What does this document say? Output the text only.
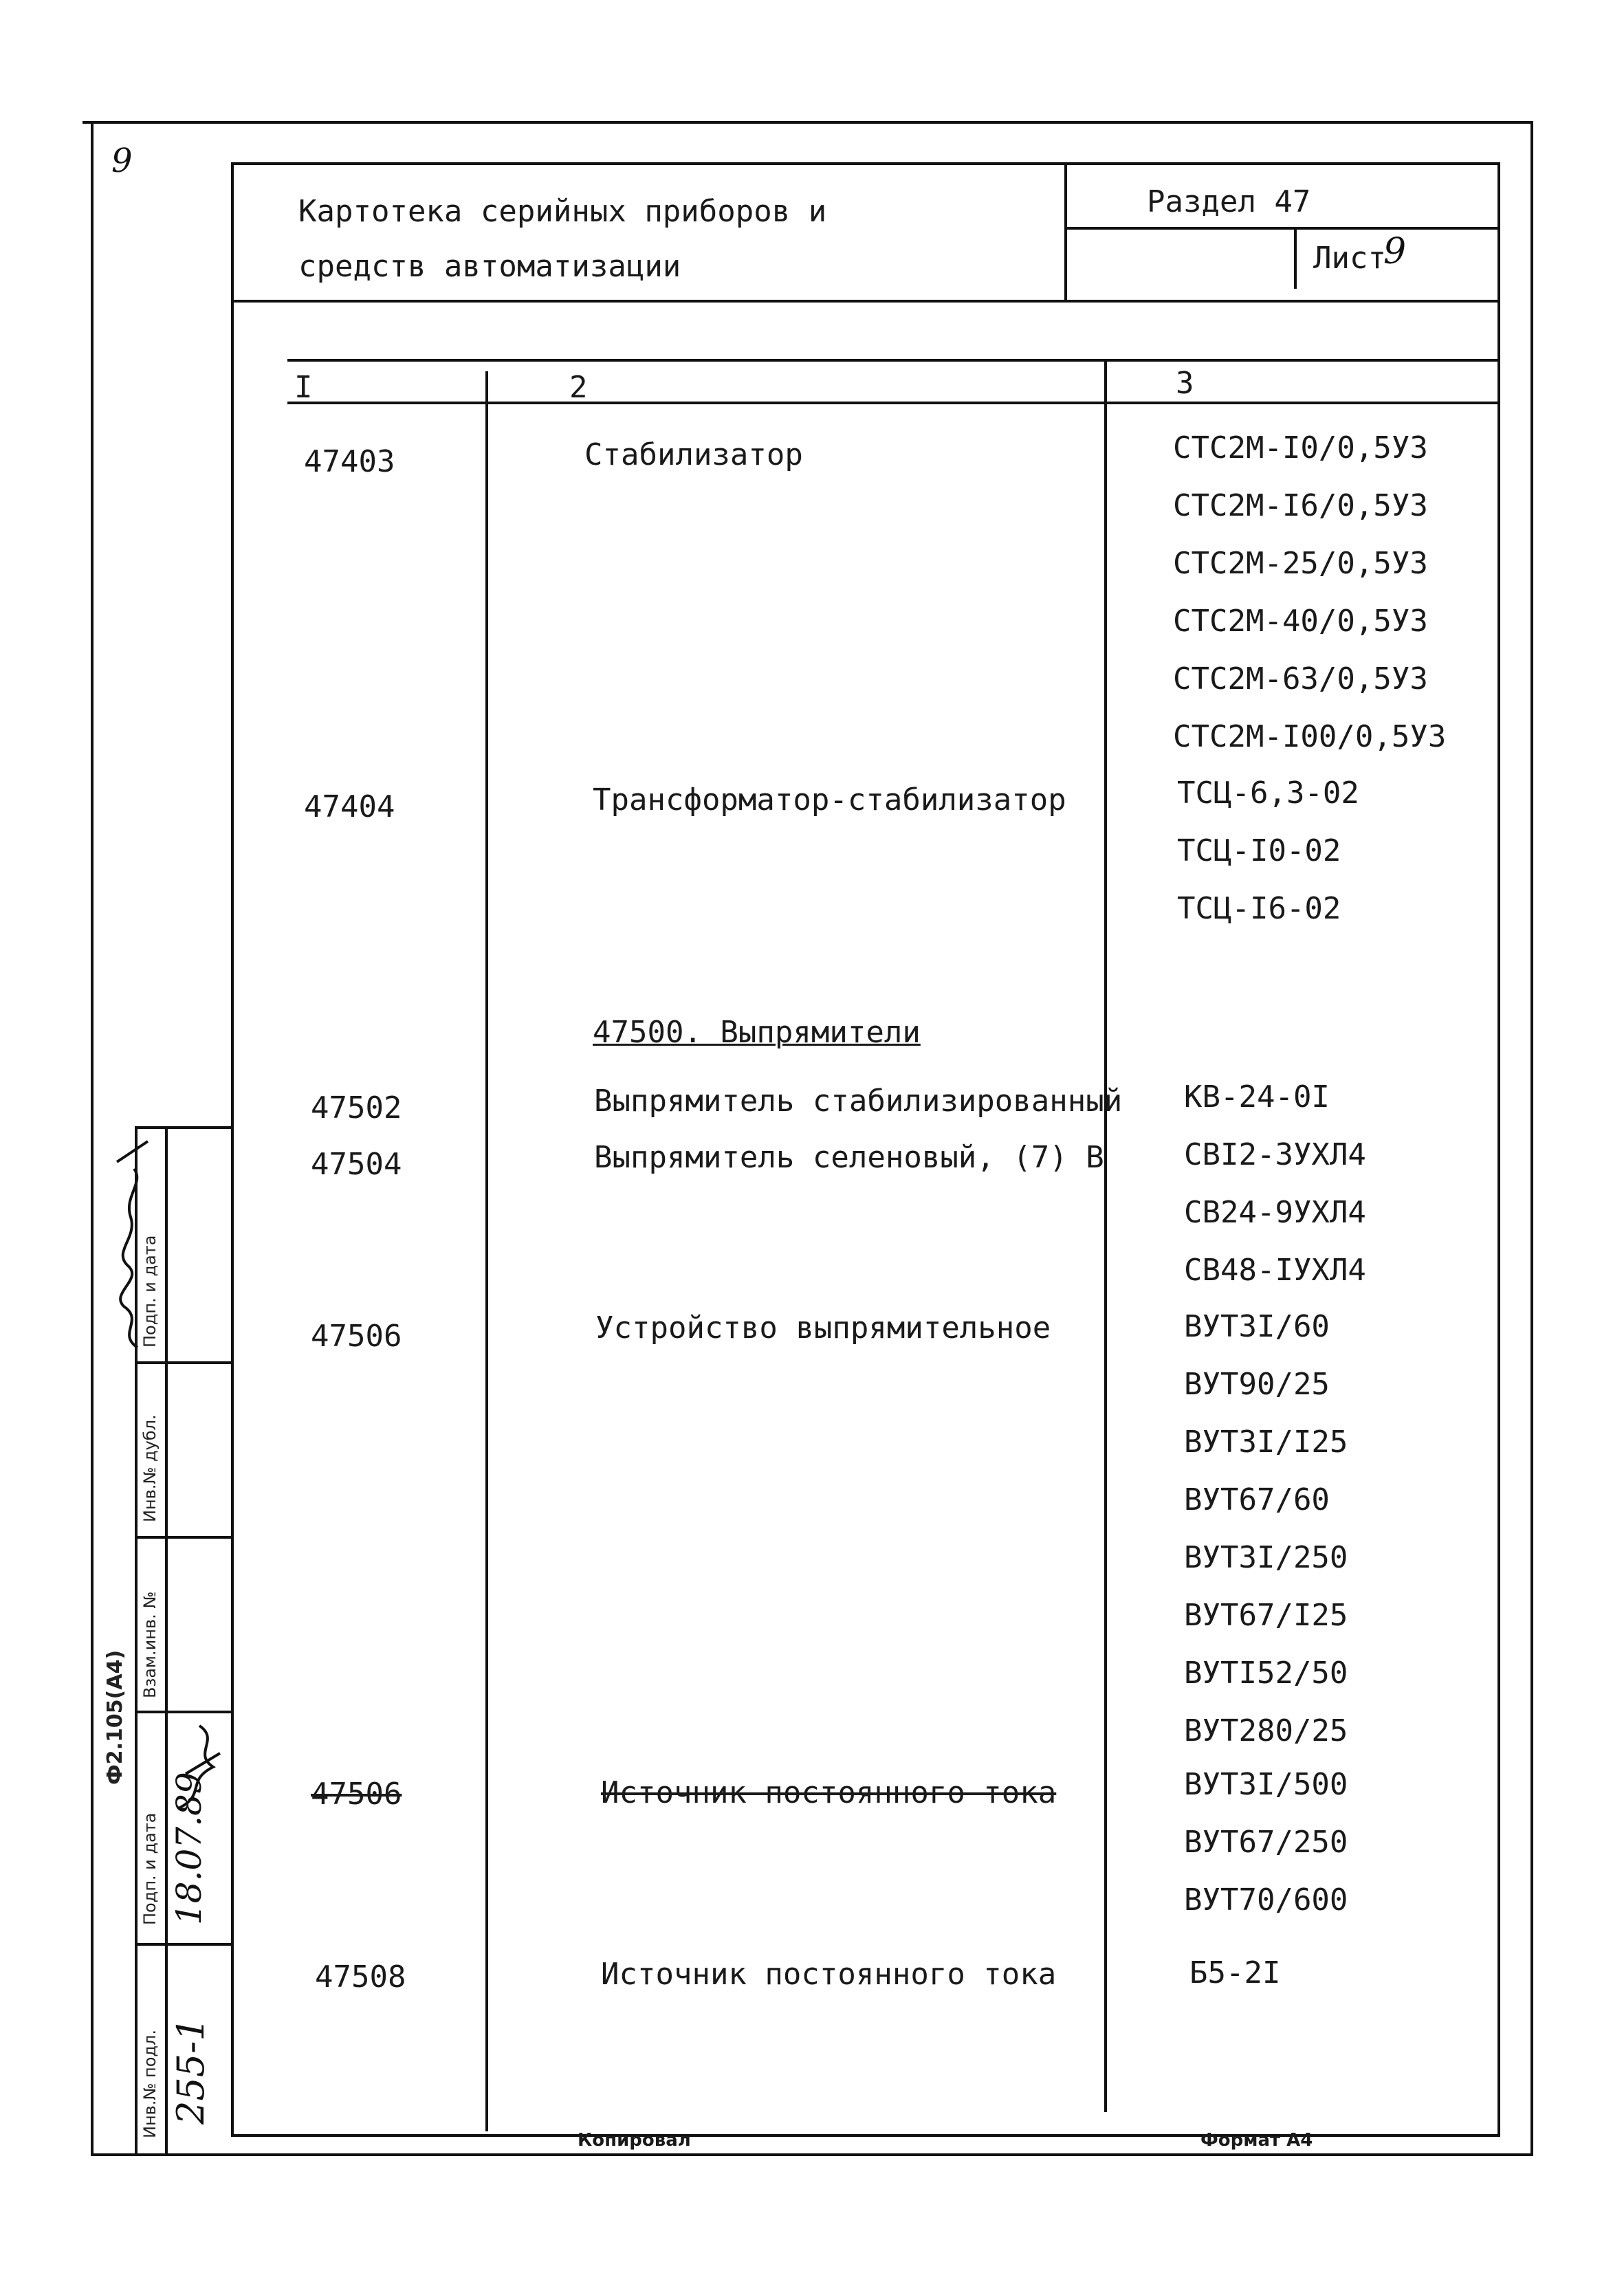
Картотека серийных приборов и
средств автоматизации
Раздел 47
Лист
9
9
I	2	3
47403	Стабилизатор	СТС2М-I0/0,5УЗ
СТС2М-I6/0,5УЗ
СТС2М-25/0,5УЗ
СТС2М-40/0,5УЗ
СТС2М-63/0,5УЗ
СТС2М-I00/0,5УЗ
47404	Трансформатор-стабилизатор	ТСЦ-6,3-02
ТСЦ-I0-02
ТСЦ-I6-02
47500. Выпрямители
47502	Выпрямитель стабилизированный КВ-24-0I
47504	Выпрямитель селеновый, (7) В	СВI2-3УХЛ4
СВ24-9УХЛ4
СВ48-IУХЛ4
47506	Устройство выпрямительное	ВУТ3I/60
ВУТ90/25
ВУТ3I/I25
ВУТ67/60
ВУТ3I/250
ВУТ67/I25
ВУТI52/50
ВУТ280/25
ВУТ3I/500
ВУТ67/250
ВУТ70/600
47506	Источник постоянного тока
47508	Источник постоянного тока	Б5-2I
Инв.№ подл.
Подп. и дата
Взам.инв. №
Инв.№ дубл.
Подп. и дата
Ф2.105(А4)
255-1
18.07.89
Копировал	Формат А4
